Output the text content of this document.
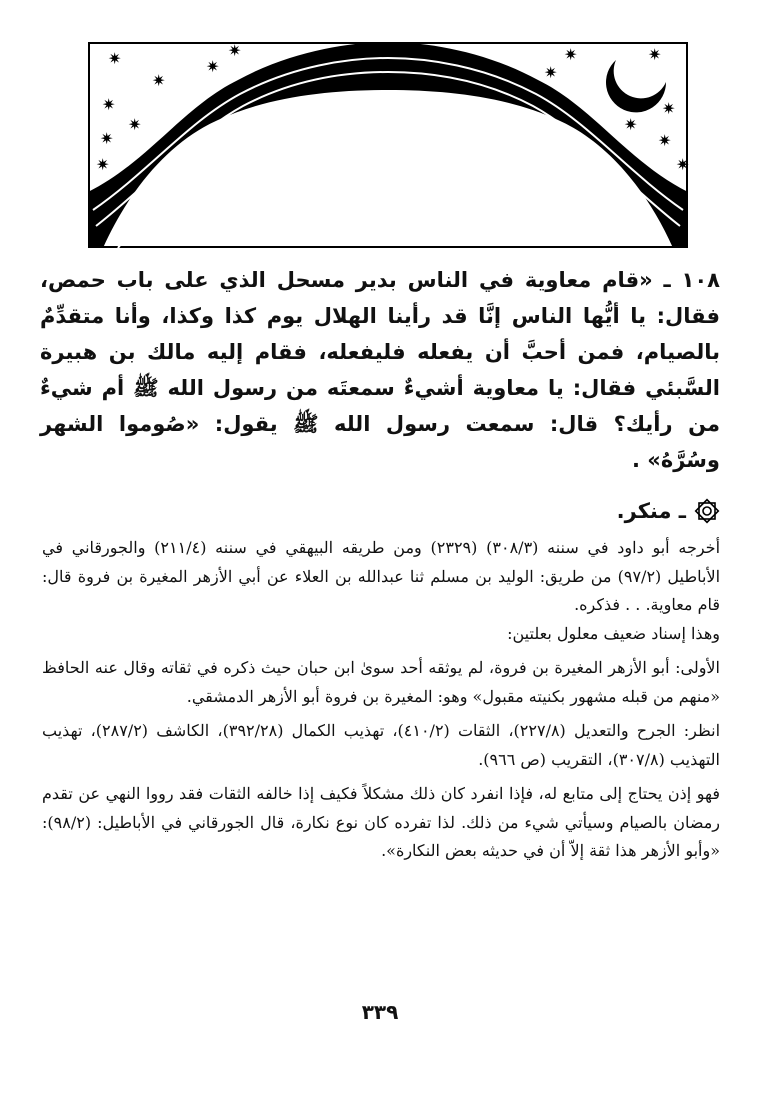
✷
✷
✷
✷
✷
✷
✷
✷
✷
✷
✷
✷
✷
✷
✷

١٠٨ ـ «قام معاوية في الناس بدير مسحل الذي على باب حمص، فقال: يا أيُّها الناس إنَّا قد رأينا الهلال يوم كذا وكذا، وأنا متقدِّمٌ بالصيام، فمن أحبَّ أن يفعله فليفعله، فقام إليه مالك بن هبيرة السَّبئي فقال: يا معاوية أشيءٌ سمعتَه من رسول الله ﷺ أم شيءٌ من رأيك؟ قال: سمعت رسول الله ﷺ يقول: «صُوموا الشهر وسُرَّهُ» .

ـ منكر.

أخرجه أبو داود في سننه (٣٠٨/٣) (٢٣٢٩) ومن طريقه البيهقي في سننه (٢١١/٤) والجورقاني في الأباطيل (٩٧/٢) من طريق: الوليد بن مسلم ثنا عبدالله بن العلاء عن أبي الأزهر المغيرة بن فروة قال: قام معاوية. . . فذكره.

وهذا إسناد ضعيف معلول بعلتين:

الأولى: أبو الأزهر المغيرة بن فروة، لم يوثقه أحد سوىٰ ابن حبان حيث ذكره في ثقاته وقال عنه الحافظ «منهم من قبله مشهور بكنيته مقبول» وهو: المغيرة بن فروة أبو الأزهر الدمشقي.

انظر: الجرح والتعديل (٢٢٧/٨)، الثقات (٤١٠/٢)، تهذيب الكمال (٣٩٢/٢٨)، الكاشف (٢٨٧/٢)، تهذيب التهذيب (٣٠٧/٨)، التقريب (ص ٩٦٦).

فهو إذن يحتاج إلى متابع له، فإذا انفرد كان ذلك مشكلاً فكيف إذا خالفه الثقات فقد رووا النهي عن تقدم رمضان بالصيام وسيأتي شيء من ذلك. لذا تفرده كان نوع نكارة، قال الجورقاني في الأباطيل: (٩٨/٢): «وأبو الأزهر هذا ثقة إلاّ أن في حديثه بعض النكارة».

٣٣٩
